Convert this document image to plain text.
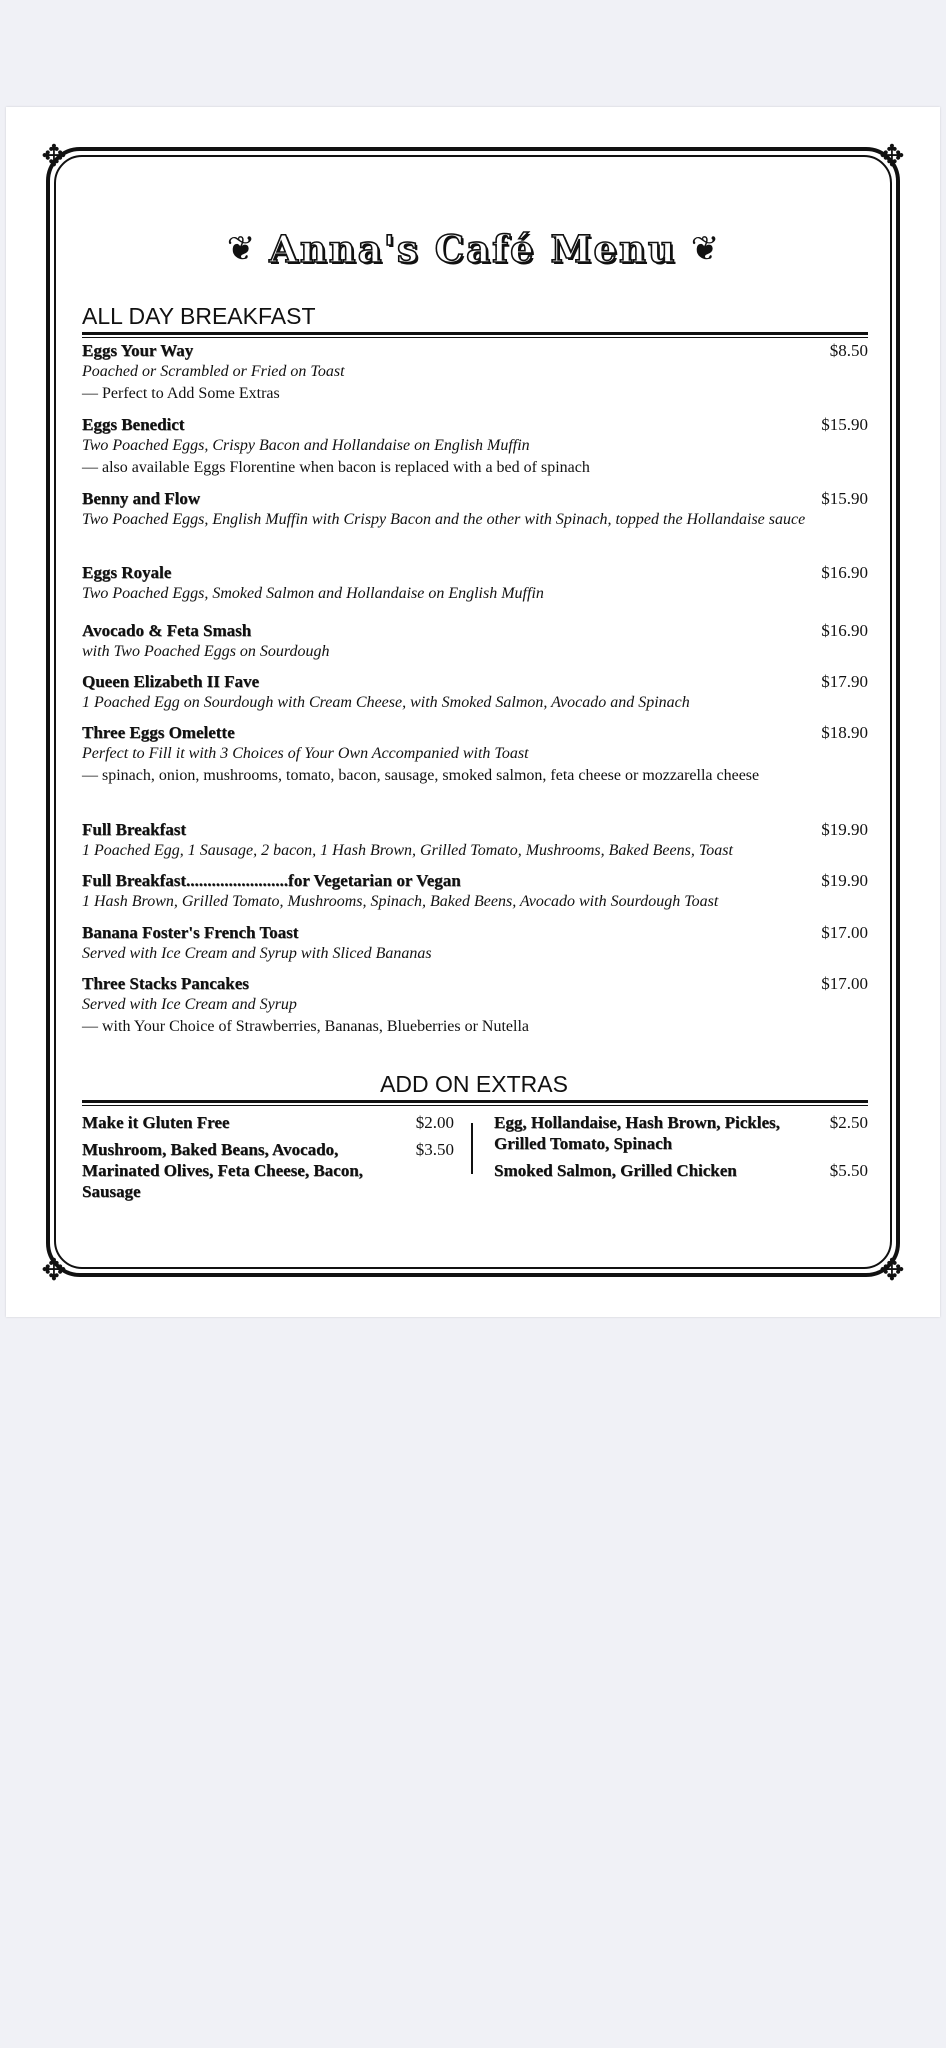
✥	✥
✥	✥
❦ Anna's Café Menu ❦
ALL DAY BREAKFAST
Eggs Your Way	$8.50
Poached or Scrambled or Fried on Toast
— Perfect to Add Some Extras
Eggs Benedict	$15.90
Two Poached Eggs, Crispy Bacon and Hollandaise on English Muffin
— also available Eggs Florentine when bacon is replaced with a bed of spinach
Benny and Flow	$15.90
Two Poached Eggs, English Muffin with Crispy Bacon and the other with Spinach, topped the Hollandaise sauce
Eggs Royale	$16.90
Two Poached Eggs, Smoked Salmon and Hollandaise on English Muffin
Avocado & Feta Smash	$16.90
with Two Poached Eggs on Sourdough
Queen Elizabeth II Fave	$17.90
1 Poached Egg on Sourdough with Cream Cheese, with Smoked Salmon, Avocado and Spinach
Three Eggs Omelette	$18.90
Perfect to Fill it with 3 Choices of Your Own Accompanied with Toast
— spinach, onion, mushrooms, tomato, bacon, sausage, smoked salmon, feta cheese or mozzarella cheese
Full Breakfast	$19.90
1 Poached Egg, 1 Sausage, 2 bacon, 1 Hash Brown, Grilled Tomato, Mushrooms, Baked Beens, Toast
Full Breakfast........................for Vegetarian or Vegan	$19.90
1 Hash Brown, Grilled Tomato, Mushrooms, Spinach, Baked Beens, Avocado with Sourdough Toast
Banana Foster's French Toast	$17.00
Served with Ice Cream and Syrup with Sliced Bananas
Three Stacks Pancakes	$17.00
Served with Ice Cream and Syrup
— with Your Choice of Strawberries, Bananas, Blueberries or Nutella
ADD ON EXTRAS
Make it Gluten Free	$2.00
Mushroom, Baked Beans, Avocado, Marinated Olives, Feta Cheese, Bacon, Sausage
$3.50
Egg, Hollandaise, Hash Brown, Pickles, Grilled Tomato, Spinach
$2.50
Smoked Salmon, Grilled Chicken	$5.50
